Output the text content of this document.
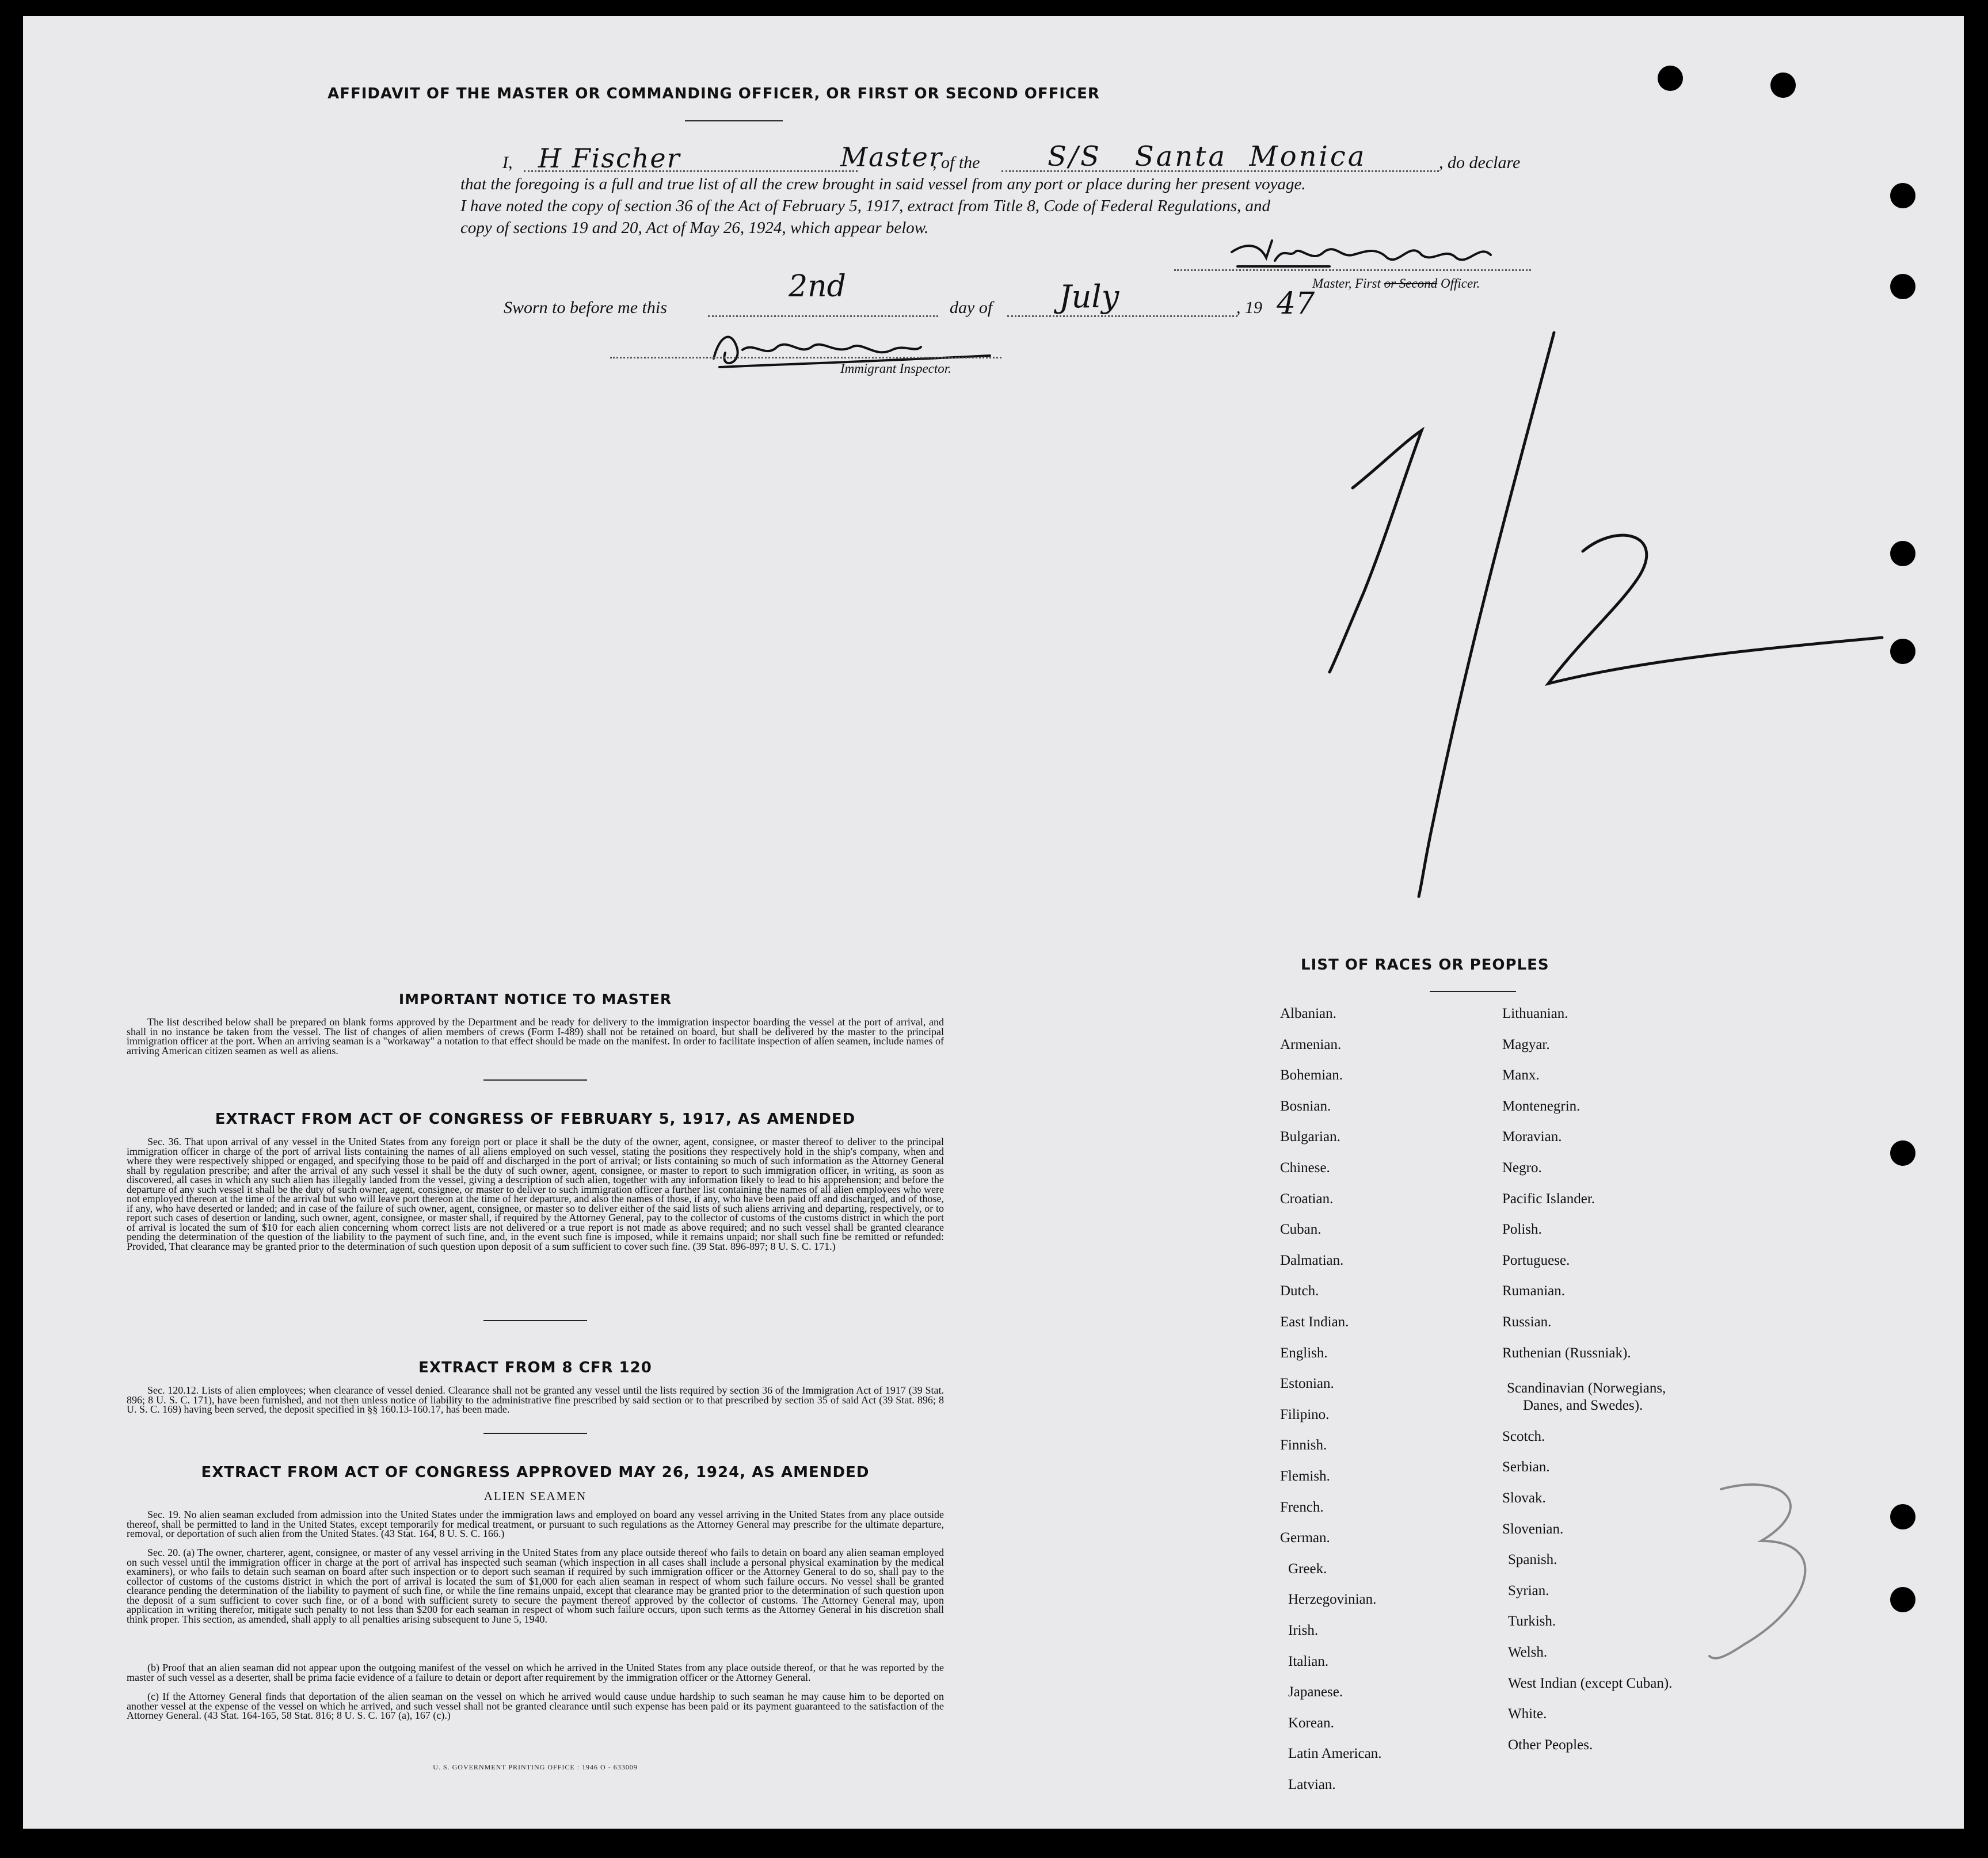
AFFIDAVIT OF THE MASTER OR COMMANDING OFFICER, OR FIRST OR SECOND OFFICER
I, H Fischer	Master
, of the S/S   Santa  Monica	, do declare
that the foregoing is a full and true list of all the crew brought in said vessel from any port or place during her present voyage.
I have noted the copy of section 36 of the Act of February 5, 1917, extract from Title 8, Code of Federal Regulations, and
copy of sections 19 and 20, Act of May 26, 1924, which appear below.
Master, First or Second Officer.
Sworn to before me this
2nd
day of July	, 19 47
Immigrant Inspector.
IMPORTANT NOTICE TO MASTER

The list described below shall be prepared on blank forms approved by the Department and be ready for delivery to the immigration inspector boarding the vessel at the port of arrival, and shall in no instance be taken from the vessel. The list of changes of alien members of crews (Form I-489) shall not be retained on board, but shall be delivered by the master to the principal immigration officer at the port. When an arriving seaman is a "workaway" a notation to that effect should be made on the manifest. In order to facilitate inspection of alien seamen, include names of arriving American citizen seamen as well as aliens.

EXTRACT FROM ACT OF CONGRESS OF FEBRUARY 5, 1917, AS AMENDED

Sec. 36. That upon arrival of any vessel in the United States from any foreign port or place it shall be the duty of the owner, agent, consignee, or master thereof to deliver to the principal immigration officer in charge of the port of arrival lists containing the names of all aliens employed on such vessel, stating the positions they respectively hold in the ship's company, when and where they were respectively shipped or engaged, and specifying those to be paid off and discharged in the port of arrival; or lists containing so much of such information as the Attorney General shall by regulation prescribe; and after the arrival of any such vessel it shall be the duty of such owner, agent, consignee, or master to report to such immigration officer, in writing, as soon as discovered, all cases in which any such alien has illegally landed from the vessel, giving a description of such alien, together with any information likely to lead to his apprehension; and before the departure of any such vessel it shall be the duty of such owner, agent, consignee, or master to deliver to such immigration officer a further list containing the names of all alien employees who were not employed thereon at the time of the arrival but who will leave port thereon at the time of her departure, and also the names of those, if any, who have been paid off and discharged, and of those, if any, who have deserted or landed; and in case of the failure of such owner, agent, consignee, or master so to deliver either of the said lists of such aliens arriving and departing, respectively, or to report such cases of desertion or landing, such owner, agent, consignee, or master shall, if required by the Attorney General, pay to the collector of customs of the customs district in which the port of arrival is located the sum of $10 for each alien concerning whom correct lists are not delivered or a true report is not made as above required; and no such vessel shall be granted clearance pending the determination of the question of the liability to the payment of such fine, and, in the event such fine is imposed, while it remains unpaid; nor shall such fine be remitted or refunded: Provided, That clearance may be granted prior to the determination of such question upon deposit of a sum sufficient to cover such fine. (39 Stat. 896-897; 8 U. S. C. 171.)

EXTRACT FROM 8 CFR 120

Sec. 120.12. Lists of alien employees; when clearance of vessel denied. Clearance shall not be granted any vessel until the lists required by section 36 of the Immigration Act of 1917 (39 Stat. 896; 8 U. S. C. 171), have been furnished, and not then unless notice of liability to the administrative fine prescribed by said section or to that prescribed by section 35 of said Act (39 Stat. 896; 8 U. S. C. 169) having been served, the deposit specified in §§ 160.13-160.17, has been made.

EXTRACT FROM ACT OF CONGRESS APPROVED MAY 26, 1924, AS AMENDED
ALIEN SEAMEN

Sec. 19. No alien seaman excluded from admission into the United States under the immigration laws and employed on board any vessel arriving in the United States from any place outside thereof, shall be permitted to land in the United States, except temporarily for medical treatment, or pursuant to such regulations as the Attorney General may prescribe for the ultimate departure, removal, or deportation of such alien from the United States. (43 Stat. 164, 8 U. S. C. 166.)

Sec. 20. (a) The owner, charterer, agent, consignee, or master of any vessel arriving in the United States from any place outside thereof who fails to detain on board any alien seaman employed on such vessel until the immigration officer in charge at the port of arrival has inspected such seaman (which inspection in all cases shall include a personal physical examination by the medical examiners), or who fails to detain such seaman on board after such inspection or to deport such seaman if required by such immigration officer or the Attorney General to do so, shall pay to the collector of customs of the customs district in which the port of arrival is located the sum of $1,000 for each alien seaman in respect of whom such failure occurs. No vessel shall be granted clearance pending the determination of the liability to payment of such fine, or while the fine remains unpaid, except that clearance may be granted prior to the determination of such question upon the deposit of a sum sufficient to cover such fine, or of a bond with sufficient surety to secure the payment thereof approved by the collector of customs. The Attorney General may, upon application in writing therefor, mitigate such penalty to not less than $200 for each seaman in respect of whom such failure occurs, upon such terms as the Attorney General in his discretion shall think proper. This section, as amended, shall apply to all penalties arising subsequent to June 5, 1940.

(b) Proof that an alien seaman did not appear upon the outgoing manifest of the vessel on which he arrived in the United States from any place outside thereof, or that he was reported by the master of such vessel as a deserter, shall be prima facie evidence of a failure to detain or deport after requirement by the immigration officer or the Attorney General.

(c) If the Attorney General finds that deportation of the alien seaman on the vessel on which he arrived would cause undue hardship to such seaman he may cause him to be deported on another vessel at the expense of the vessel on which he arrived, and such vessel shall not be granted clearance until such expense has been paid or its payment guaranteed to the satisfaction of the Attorney General. (43 Stat. 164-165, 58 Stat. 816; 8 U. S. C. 167 (a), 167 (c).)

U. S. GOVERNMENT PRINTING OFFICE : 1946 O - 633009
LIST OF RACES OR PEOPLES
Albanian.
Armenian.
Bohemian.
Bosnian.
Bulgarian.
Chinese.
Croatian.
Cuban.
Dalmatian.
Dutch.
East Indian.
English.
Estonian.
Filipino.
Finnish.
Flemish.
French.
German.
Greek.
Herzegovinian.
Irish.
Italian.
Japanese.
Korean.
Latin American.
Latvian.
Lithuanian.
Magyar.
Manx.
Montenegrin.
Moravian.
Negro.
Pacific Islander.
Polish.
Portuguese.
Rumanian.
Russian.
Ruthenian (Russniak).
Scandinavian (Norwegians,
Danes, and Swedes).
Scotch.
Serbian.
Slovak.
Slovenian.
Spanish.
Syrian.
Turkish.
Welsh.
West Indian (except Cuban).
White.
Other Peoples.
